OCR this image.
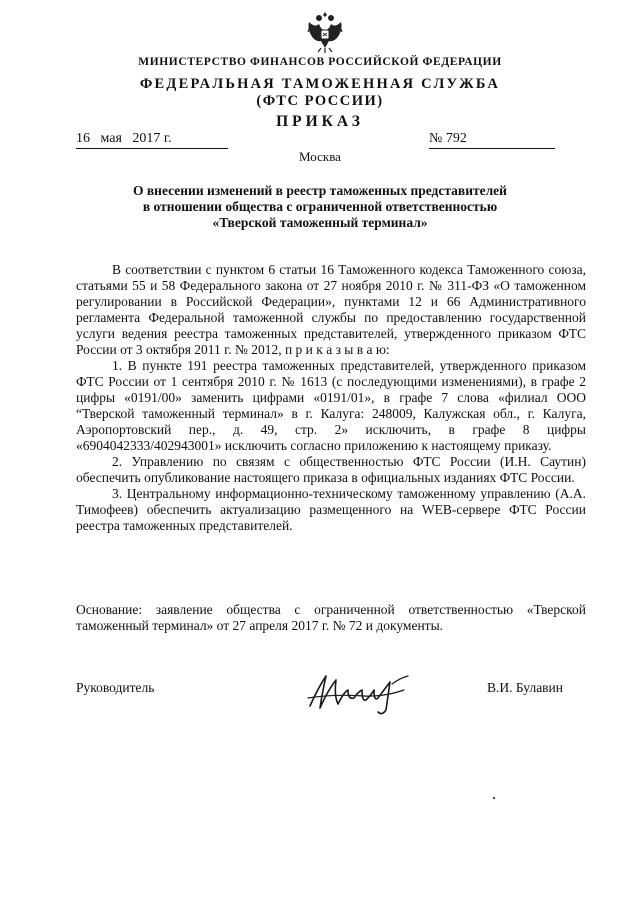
МИНИСТЕРСТВО ФИНАНСОВ РОССИЙСКОЙ ФЕДЕРАЦИИ
ФЕДЕРАЛЬНАЯ ТАМОЖЕННАЯ СЛУЖБА
(ФТС РОССИИ)
ПРИКАЗ
16   мая   2017 г.	№ 792
Москва
О внесении изменений в реестр таможенных представителей
в отношении общества с ограниченной ответственностью
«Тверской таможенный терминал»

В соответствии с пунктом 6 статьи 16 Таможенного кодекса Таможенного союза, статьями 55 и 58 Федерального закона от 27 ноября 2010 г. № 311-ФЗ «О таможенном регулировании в Российской Федерации», пунктами 12 и 66 Административного регламента Федеральной таможенной службы по предоставлению государственной услуги ведения реестра таможенных представителей, утвержденного приказом ФТС России от 3 октября 2011 г. № 2012, п р и к а з ы в а ю:

1. В пункте 191 реестра таможенных представителей, утвержденного приказом ФТС России от 1 сентября 2010 г. № 1613 (с последующими изменениями), в графе 2 цифры «0191/00» заменить цифрами «0191/01», в графе 7 слова «филиал ООО “Тверской таможенный терминал» в г. Калуга: 248009, Калужская обл., г. Калуга, Аэропортовский пер., д. 49, стр. 2» исключить, в графе 8 цифры «6904042333/402943001» исключить согласно приложению к настоящему приказу.

2. Управлению по связям с общественностью ФТС России (И.Н. Саутин) обеспечить опубликование настоящего приказа в официальных изданиях ФТС России.

3. Центральному информационно-техническому таможенному управлению (А.А. Тимофеев) обеспечить актуализацию размещенного на WEB-сервере ФТС России реестра таможенных представителей.

Основание: заявление общества с ограниченной ответственностью «Тверской таможенный терминал» от 27 апреля 2017 г. № 72 и документы.

Руководитель	В.И. Булавин
